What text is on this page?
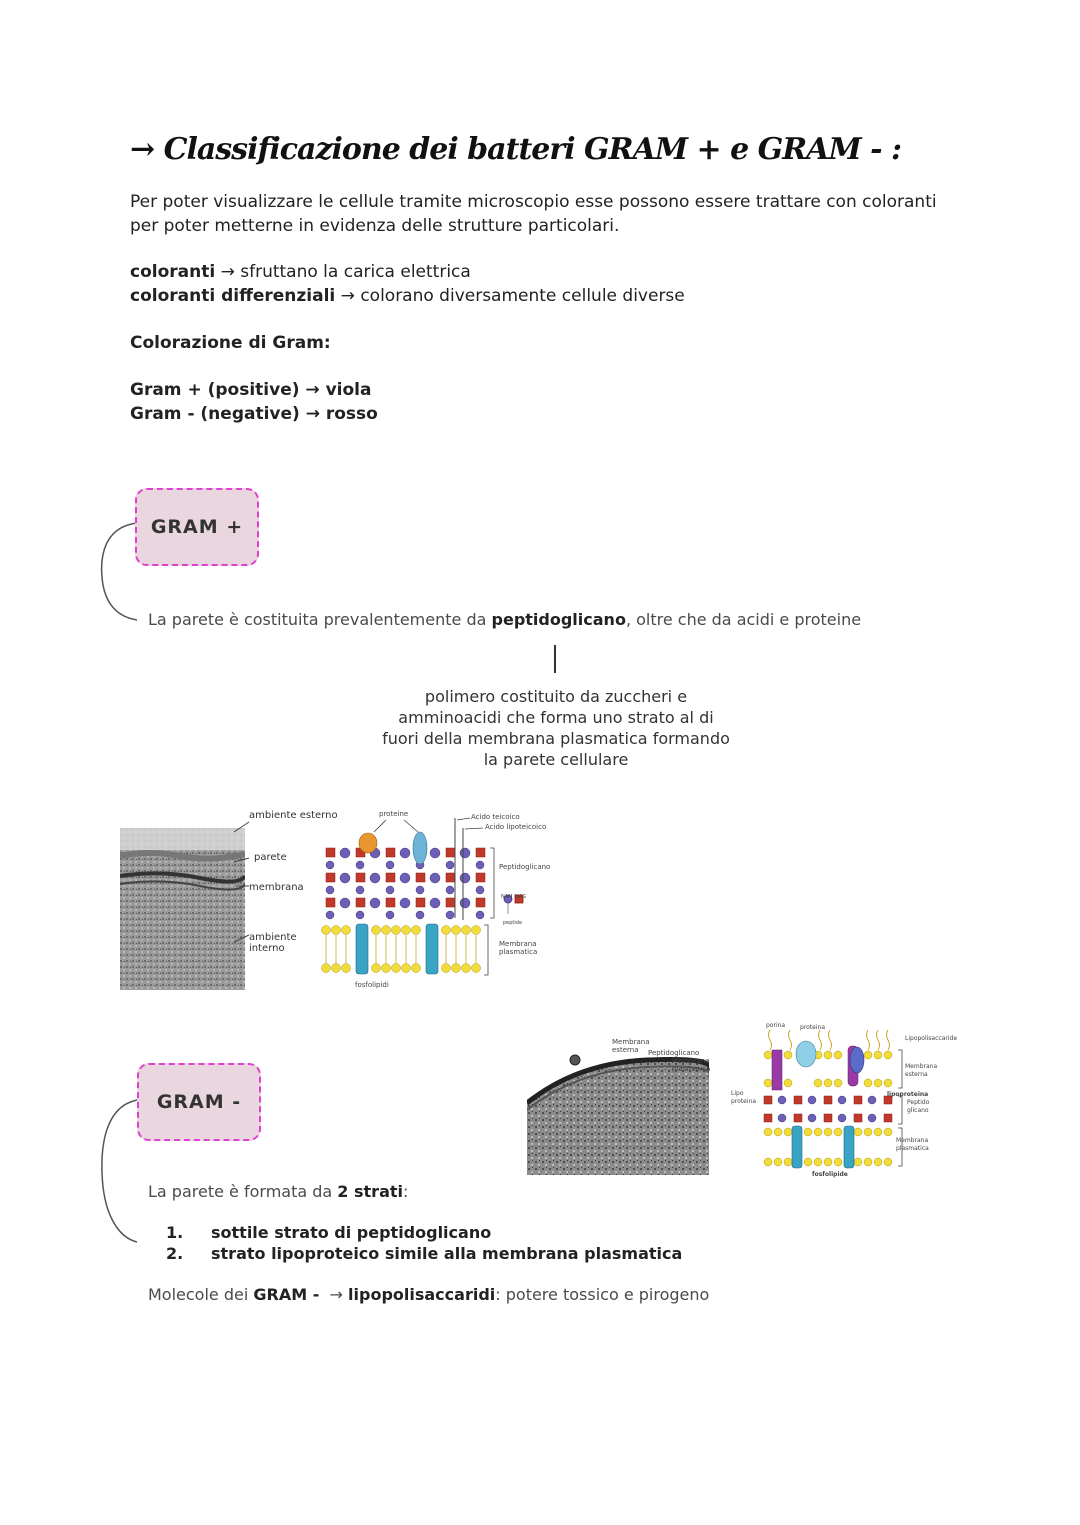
→ Classificazione dei batteri GRAM + e GRAM - :
Per poter visualizzare le cellule tramite microscopio esse possono essere trattare con coloranti per poter metterne in evidenza delle strutture particolari.
coloranti → sfruttano la carica elettrica
coloranti differenziali → colorano diversamente cellule diverse
Colorazione di Gram:
Gram + (positive) → viola
Gram - (negative) → rosso
GRAM +
La parete è costituita prevalentemente da peptidoglicano, oltre che da acidi e proteine
polimero costituito da zuccheri e amminoacidi che forma uno strato al di fuori della membrana plasmatica formando la parete cellulare
ambiente esterno
parete
membrana
ambiente interno
proteine	Acido teicoico
Acido lipoteicoico
Peptidoglicano
NAM NAG
peptide
Membrana plasmatica
fosfolipidi
GRAM -
Membrana esterna	Peptidoglicano
Membrana plasmatica
porina proteina
Lipopolisaccaride
Membrana esterna
Lipo proteina
lipoproteina
Peptido glicano
Membrana plasmatica
fosfolipide
La parete è formata da 2 strati:
1. sottile strato di peptidoglicano
2. strato lipoproteico simile alla membrana plasmatica
Molecole dei GRAM - → lipopolisaccaridi: potere tossico e pirogeno
